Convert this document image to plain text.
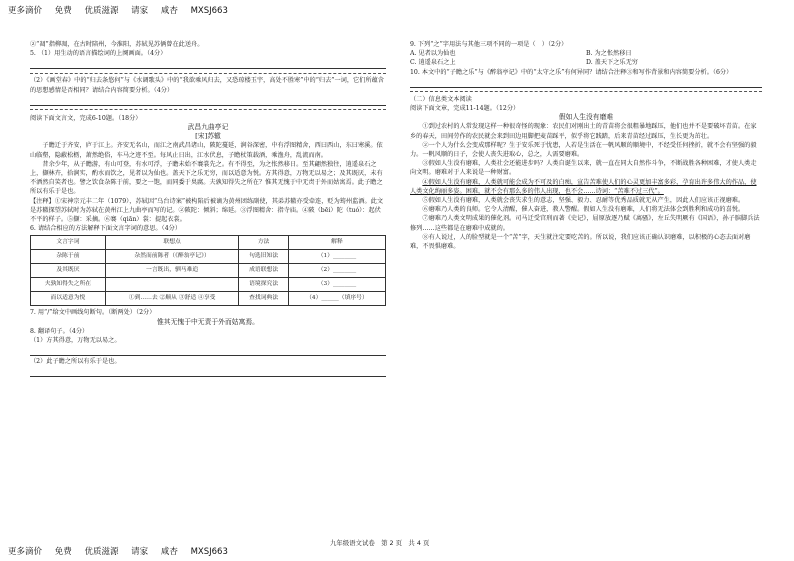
更多滴价 免费 优质滋源 请家 咸杏 MXSJ663

②“凋”指柳凋，在古时陪州，今淮阳，苏轼见苏俩曾在此送舟。

5. （1）用生动的语言描绘词的上阕画面。（4分）

（2）《画堂春》中的“归去条悠何”与《水调歌头》中的“我欲乘风归去，又恐琼楼玉宇，高处不胜寒”中的“归去”一词，它们所蕴含的思想感情是否相同？请结合内容简要分析。（4分）

阅读下面文言文，完成6-10题。（18分）

武昌九曲亭记

[宋]苏辙

子瞻迁于齐安，庐于江上。齐安无名山，而江之南武昌诸山，陂陀蔓延，涧谷深密，中有浮图精舍，西曰西山，东曰寒溪。依山临壑，隐蔽松枥，萧然绝俗，车马之迹不至。每风止日出，江水伏息，子瞻杖策载酒，乘渔舟，乱流而南。

昔余少年，从子瞻游，有山可登，有水可浮，子瞻未始不褰裳先之。有不得至，为之怅然移日。至其翩然独往，逍遥泉石之上，撷林卉，拾涧实，酌水而饮之，见者以为仙也。盖天下之乐无穷，而以适意为悦。方其得意，万物无以易之；及其既厌，未有不洒然自笑者也。譬之饮食杂陈于前，要之一饱，而同委于臭腐。夫孰知得失之所在？惟其无愧于中无责于外而姑寓焉。此子瞻之所以有乐于是也。

【注释】①宋神宗元丰二年（1079），苏轼因“乌台诗案”被构陷后被谪为黄州团练副使，其弟苏辙亦受牵连，贬为筠州监酒。此文是苏辙探望苏轼时为苏轼在黄州江上九曲亭而写的记。②陂陀：倾斜；绵延。③浮图精舍：指寺庙。④陂（bēi）陀（tuó）：起伏不平的样子。⑤撷：采摘。⑥褰（qiān）裳：提起衣裳。

6. 请结合相应的方法解释下面文言字词的意思。（4分）

文言字词	联想点	方法	解释
杂陈于前	杂然而前陈者（《醉翁亭记》）	句选旧知法	（1）________
及其既厌	一言既出，驷马难追	成语联想法	（2）________
夫孰知得失之所在		语境探究法	（3）________
而以适意为悦	①到……去 ②顺从 ③舒适 ④享受	查找词典法	（4）______（填序号）

7. 用“/”给文中画线句断句。（断两处）（2分）

惟其无愧于中无责于外而姑寓焉。

8. 翻译句子。（4分）

（1）方其得意，万物无以易之。

（2）此子瞻之所以有乐于是也。

9. 下列“之”字用法与其他三项不同的一项是（　）（2分）

A. 见者以为仙也	B. 为之怅然移日
C. 逍遥泉石之上	D. 盖天下之乐无穷

10. 本文中的“子瞻之乐”与《醉翁亭记》中的“太守之乐”有何异同？请结合注释③和写作背景和内容简要分析。（6分）

（二）信息类文本阅读

阅读下面文章，完成11-14题。（12分）

假如人生没有磨难

①到过农村的人常发现这样一种很奇怪的现象：农民们对刚出土的青苗将会很粗暴地踩压，他们也并不是要破坏青苗。在家乡的春天，田间劳作的农民就会来到田边用脚把麦苗踩平，似乎将它践踏，后来青苗经过踩压，生长更为茁壮。

②一个人为什么会变成那样呢？生于安乐死于忧患，人若是生活在一帆风顺的顺境中，不经受任何挫折，就不会有坚强的毅力。一帆风顺的日子，会使人丧失进取心，总之，人需要磨难。

③假如人生没有磨难，人类社会还能进步吗？人类自诞生以来，就一直在同大自然作斗争，不断战胜各种困难，才使人类走向文明。磨难对于人来说是一种财富。

④假如人生没有磨难，人类就可能会成为不可及的白痴，宣告苦难使人们的心灵更加丰富多彩，孕育出许多伟大的作品，使人类文化绚丽多姿。困难，就不会有那么多的伟人出现，也不会……诗词：“苦难不过三代”。

⑤假如人生没有磨难，人类就会丧失求生的意志，坚强、毅力、忍耐等优秀品质就无从产生，因此人们应该正视磨难。

⑥磨难乃人类的良师。它令人清醒，催人奋进，教人警醒。假如人生没有磨难，人们将无法体会到胜利和成功的喜悦。

⑦磨难乃人类文明成果的催化剂。司马迁受宫刑而著《史记》，屈原放逐乃赋《离骚》，左丘失明厥有《国语》，孙子膑脚兵法修列……这些都是在磨难中成就的。

⑧有人说过，人的脸型就是一个“苦”字，天生就注定要吃苦的。所以说，我们应该正确认识磨难，以积极的心态去面对磨难，不畏惧磨难。

九年级语文试卷　第 2 页　共 4 页
更多滴价 免费 优质滋源 请家 咸杏 MXSJ663
